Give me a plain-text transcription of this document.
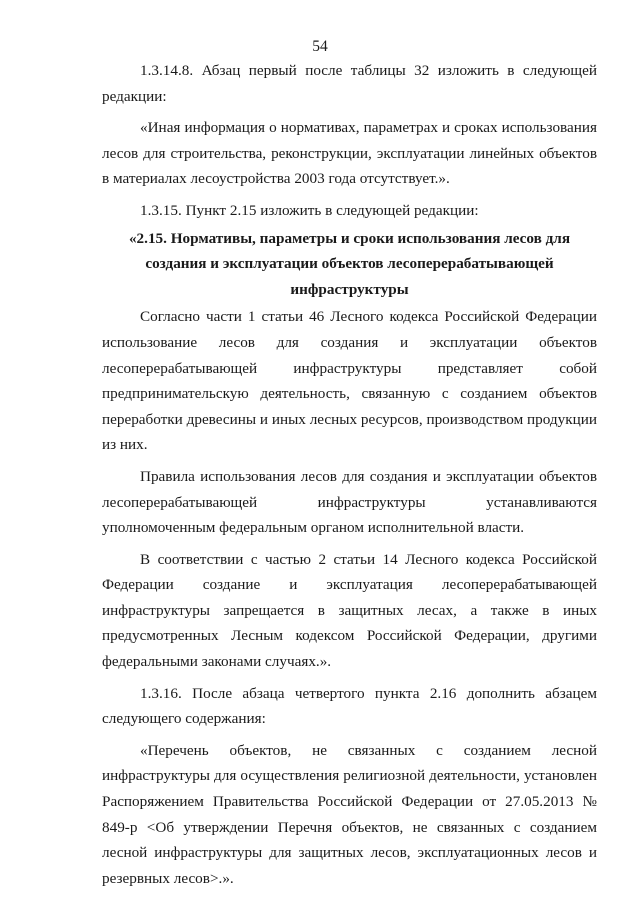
54

1.3.14.8. Абзац первый после таблицы 32 изложить в следующей редакции:

«Иная информация о нормативах, параметрах и сроках использования лесов для строительства, реконструкции, эксплуатации линейных объектов в материалах лесоустройства 2003 года отсутствует.».

1.3.15. Пункт 2.15 изложить в следующей редакции:

«2.15. Нормативы, параметры и сроки использования лесов для создания и эксплуатации объектов лесоперерабатывающей инфраструктуры

Согласно части 1 статьи 46 Лесного кодекса Российской Федерации использование лесов для создания и эксплуатации объектов лесоперерабатывающей инфраструктуры представляет собой предпринимательскую деятельность, связанную с созданием объектов переработки древесины и иных лесных ресурсов, производством продукции из них.

Правила использования лесов для создания и эксплуатации объектов лесоперерабатывающей инфраструктуры устанавливаются уполномоченным федеральным органом исполнительной власти.

В соответствии с частью 2 статьи 14 Лесного кодекса Российской Федерации создание и эксплуатация лесоперерабатывающей инфраструктуры запрещается в защитных лесах, а также в иных предусмотренных Лесным кодексом Российской Федерации, другими федеральными законами случаях.».

1.3.16. После абзаца четвертого пункта 2.16 дополнить абзацем следующего содержания:

«Перечень объектов, не связанных с созданием лесной инфраструктуры для осуществления религиозной деятельности, установлен Распоряжением Правительства Российской Федерации от 27.05.2013 № 849-р <Об утверждении Перечня объектов, не связанных с созданием лесной инфраструктуры для защитных лесов, эксплуатационных лесов и резервных лесов>.».
